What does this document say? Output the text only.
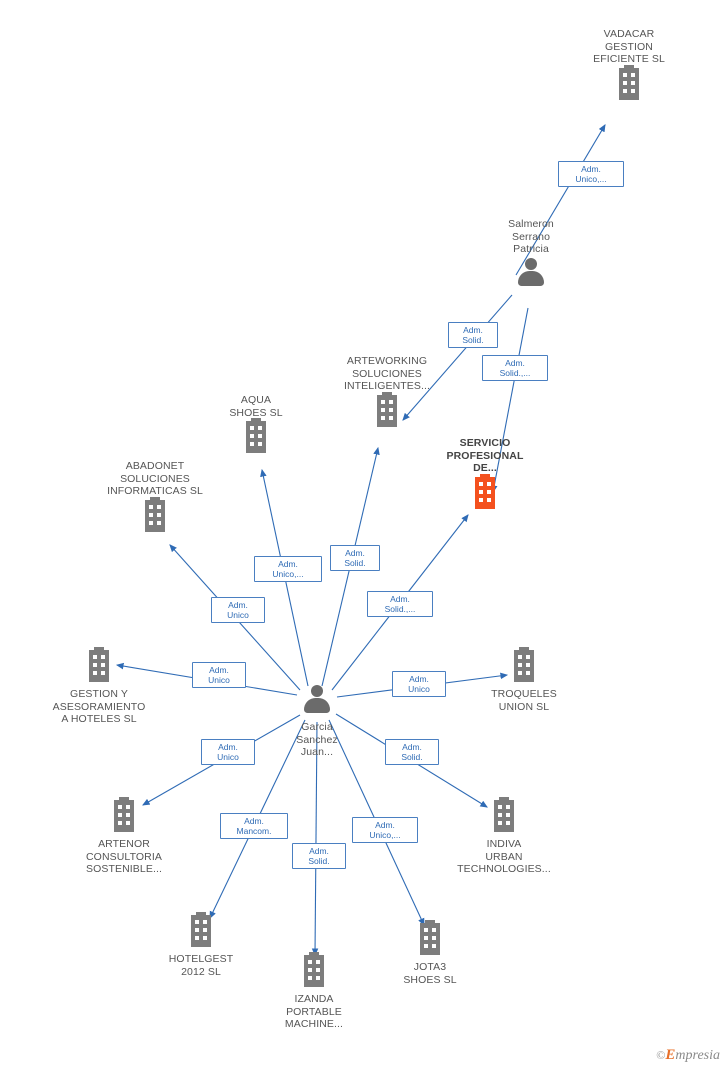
VADACAR
GESTION
EFICIENTE SL
Salmeron
Serrano
Patricia
ARTEWORKING
SOLUCIONES
INTELIGENTES...
SERVICIO
PROFESIONAL
DE...
AQUA
SHOES SL
ABADONET
SOLUCIONES
INFORMATICAS SL
GESTION Y
ASESORAMIENTO
A HOTELES SL
Garcia
Sanchez
Juan...
TROQUELES
UNION SL
ARTENOR
CONSULTORIA
SOSTENIBLE...
INDIVA
URBAN
TECHNOLOGIES...
HOTELGEST
2012 SL
IZANDA
PORTABLE
MACHINE...
JOTA3
SHOES SL
Adm.
Unico,...
Adm.
Solid.
Adm.
Solid.,...
Adm.
Unico
Adm.
Unico,...
Adm.
Solid.
Adm.
Solid.,...
Adm.
Unico	Adm.
Unico
Adm.
Unico
Adm.
Solid.
Adm.
Mancom.
Adm.
Solid.
Adm.
Unico,...
©Empresia
